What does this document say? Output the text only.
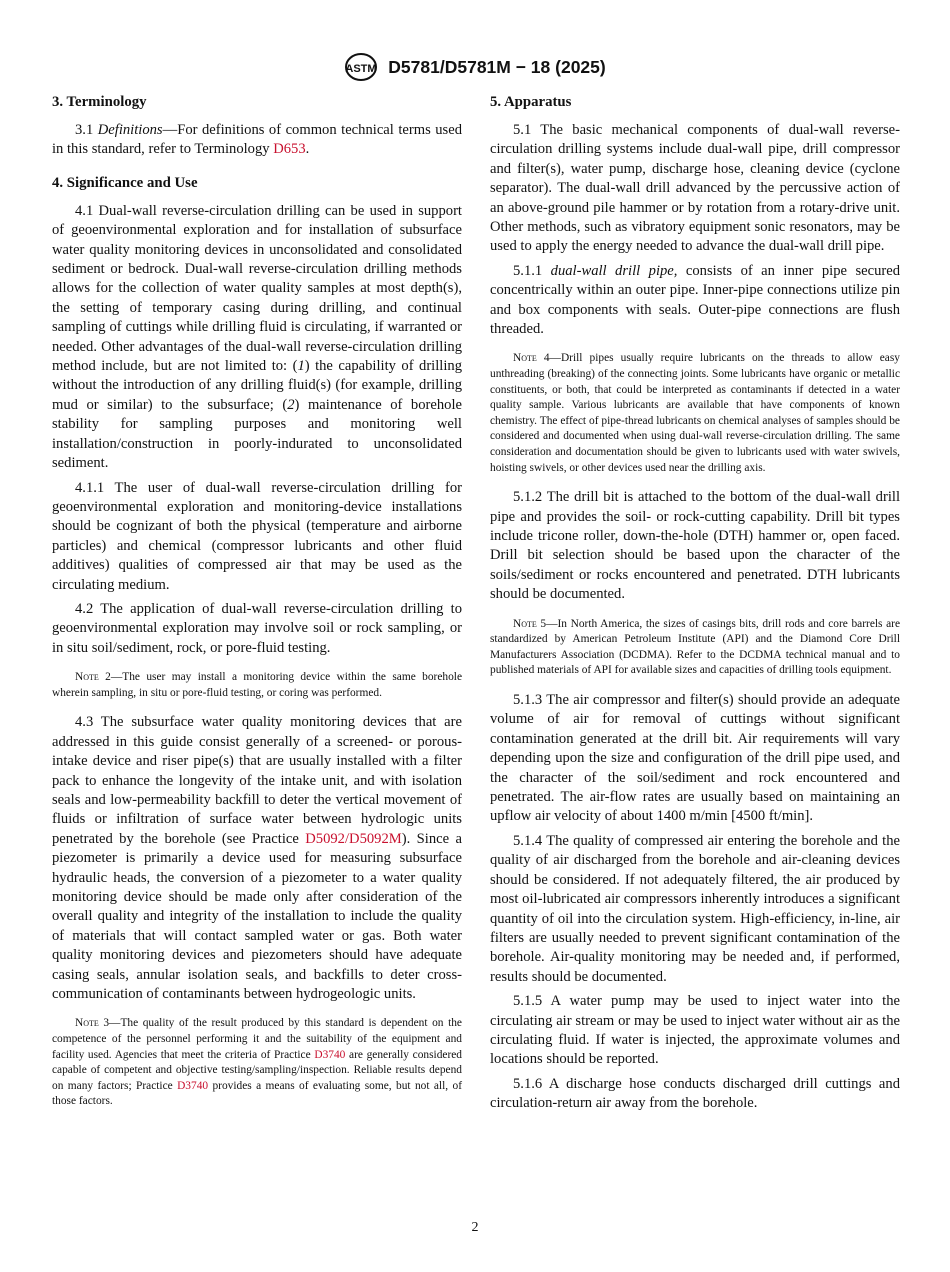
ASTM D5781/D5781M − 18 (2025)
3. Terminology
3.1 Definitions—For definitions of common technical terms used in this standard, refer to Terminology D653.
4. Significance and Use
4.1 Dual-wall reverse-circulation drilling can be used in support of geoenvironmental exploration and for installation of subsurface water quality monitoring devices in unconsolidated and consolidated sediment or bedrock. Dual-wall reverse-circulation drilling methods allows for the collection of water quality samples at most depth(s), the setting of temporary casing during drilling, and continual sampling of cuttings while drilling fluid is circulating, if warranted or needed. Other advantages of the dual-wall reverse-circulation drilling method include, but are not limited to: (1) the capability of drilling without the introduction of any drilling fluid(s) (for example, drilling mud or similar) to the subsurface; (2) maintenance of borehole stability for sampling purposes and monitoring well installation/construction in poorly-indurated to unconsolidated sediment.
4.1.1 The user of dual-wall reverse-circulation drilling for geoenvironmental exploration and monitoring-device installations should be cognizant of both the physical (temperature and airborne particles) and chemical (compressor lubricants and other fluid additives) qualities of compressed air that may be used as the circulating medium.
4.2 The application of dual-wall reverse-circulation drilling to geoenvironmental exploration may involve soil or rock sampling, or in situ soil/sediment, rock, or pore-fluid testing.
Note 2—The user may install a monitoring device within the same borehole wherein sampling, in situ or pore-fluid testing, or coring was performed.
4.3 The subsurface water quality monitoring devices that are addressed in this guide consist generally of a screened- or porous-intake device and riser pipe(s) that are usually installed with a filter pack to enhance the longevity of the intake unit, and with isolation seals and low-permeability backfill to deter the vertical movement of fluids or infiltration of surface water between hydrologic units penetrated by the borehole (see Practice D5092/D5092M). Since a piezometer is primarily a device used for measuring subsurface hydraulic heads, the conversion of a piezometer to a water quality monitoring device should be made only after consideration of the overall quality and integrity of the installation to include the quality of materials that will contact sampled water or gas. Both water quality monitoring devices and piezometers should have adequate casing seals, annular isolation seals, and backfills to deter cross-communication of contaminants between hydrogeologic units.
Note 3—The quality of the result produced by this standard is dependent on the competence of the personnel performing it and the suitability of the equipment and facility used. Agencies that meet the criteria of Practice D3740 are generally considered capable of competent and objective testing/sampling/inspection. Reliable results depend on many factors; Practice D3740 provides a means of evaluating some, but not all, of those factors.
5. Apparatus
5.1 The basic mechanical components of dual-wall reverse-circulation drilling systems include dual-wall pipe, drill compressor and filter(s), water pump, discharge hose, cleaning device (cyclone separator). The dual-wall drill advanced by the percussive action of an above-ground pile hammer or by rotation from a rotary-drive unit. Other methods, such as vibratory equipment sonic resonators, may be used to apply the energy needed to advance the dual-wall drill pipe.
5.1.1 dual-wall drill pipe, consists of an inner pipe secured concentrically within an outer pipe. Inner-pipe connections utilize pin and box components with seals. Outer-pipe connections are flush threaded.
Note 4—Drill pipes usually require lubricants on the threads to allow easy unthreading (breaking) of the connecting joints. Some lubricants have organic or metallic constituents, or both, that could be interpreted as contaminants if detected in a water quality sample. Various lubricants are available that have components of known chemistry. The effect of pipe-thread lubricants on chemical analyses of samples should be considered and documented when using dual-wall reverse-circulation drilling. The same consideration and documentation should be given to lubricants used with water swivels, hoisting swivels, or other devices used near the drilling axis.
5.1.2 The drill bit is attached to the bottom of the dual-wall drill pipe and provides the soil- or rock-cutting capability. Drill bit types include tricone roller, down-the-hole (DTH) hammer or, open faced. Drill bit selection should be based upon the character of the soils/sediment or rocks encountered and penetrated. DTH lubricants should be documented.
Note 5—In North America, the sizes of casings bits, drill rods and core barrels are standardized by American Petroleum Institute (API) and the Diamond Core Drill Manufacturers Association (DCDMA). Refer to the DCDMA technical manual and to published materials of API for available sizes and capacities of drilling tools equipment.
5.1.3 The air compressor and filter(s) should provide an adequate volume of air for removal of cuttings without significant contamination generated at the drill bit. Air requirements will vary depending upon the size and configuration of the drill pipe used, and the character of the soil/sediment and rock encountered and penetrated. The air-flow rates are usually based on maintaining an upflow air velocity of about 1400 m/min [4500 ft/min].
5.1.4 The quality of compressed air entering the borehole and the quality of air discharged from the borehole and air-cleaning devices should be considered. If not adequately filtered, the air produced by most oil-lubricated air compressors inherently introduces a significant quantity of oil into the circulation system. High-efficiency, in-line, air filters are usually needed to prevent significant contamination of the borehole. Air-quality monitoring may be needed and, if performed, results should be documented.
5.1.5 A water pump may be used to inject water into the circulating air stream or may be used to inject water without air as the circulating fluid. If water is injected, the approximate volumes and locations should be reported.
5.1.6 A discharge hose conducts discharged drill cuttings and circulation-return air away from the borehole.
2
